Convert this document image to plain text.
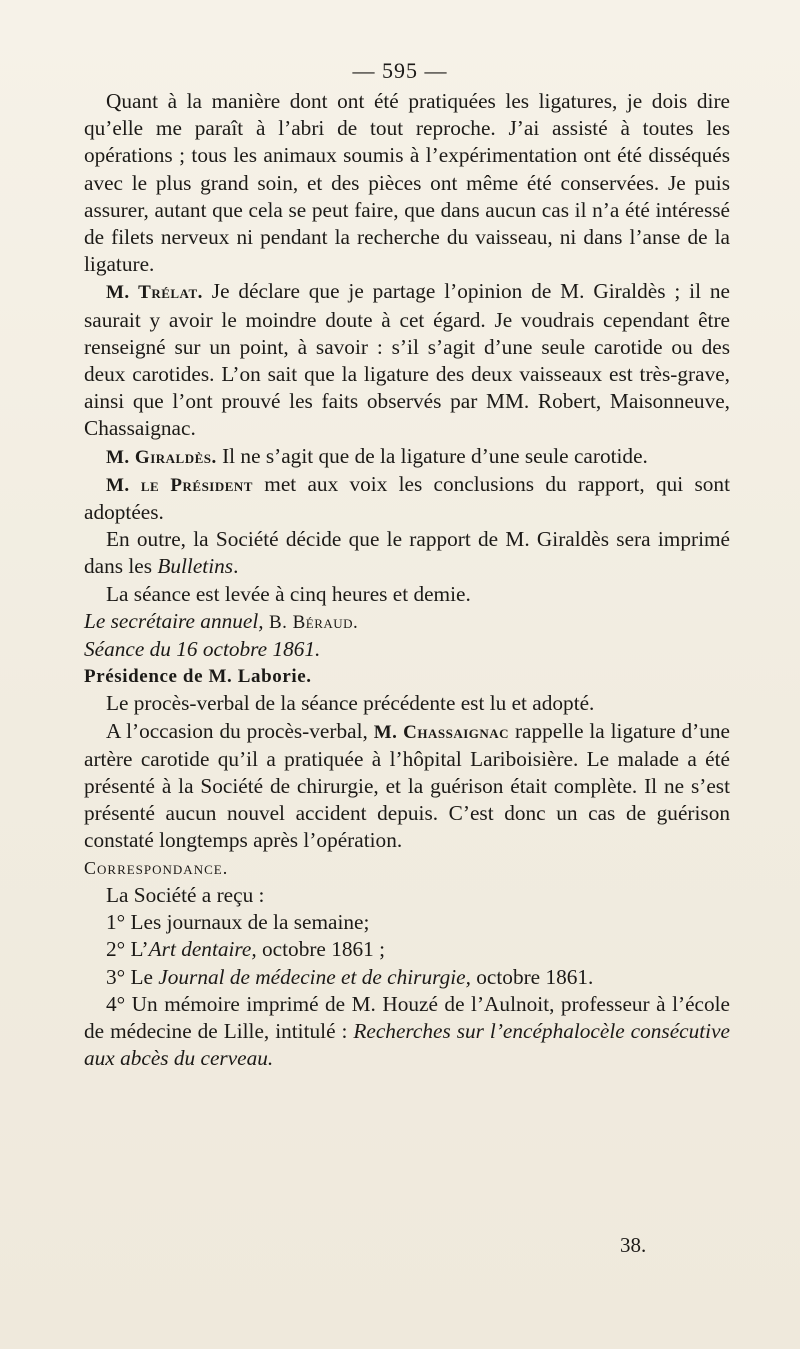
— 595 —

Quant à la manière dont ont été pratiquées les ligatures, je dois dire qu’elle me paraît à l’abri de tout reproche. J’ai assisté à toutes les opérations ; tous les animaux soumis à l’expérimentation ont été disséqués avec le plus grand soin, et des pièces ont même été conservées. Je puis assurer, autant que cela se peut faire, que dans aucun cas il n’a été intéressé de filets nerveux ni pendant la recherche du vaisseau, ni dans l’anse de la ligature.

M. Trélat. Je déclare que je partage l’opinion de M. Giraldès ; il ne saurait y avoir le moindre doute à cet égard. Je voudrais cependant être renseigné sur un point, à savoir : s’il s’agit d’une seule carotide ou des deux carotides. L’on sait que la ligature des deux vaisseaux est très-grave, ainsi que l’ont prouvé les faits observés par MM. Robert, Maisonneuve, Chassaignac.

M. Giraldès. Il ne s’agit que de la ligature d’une seule carotide.

M. le Président met aux voix les conclusions du rapport, qui sont adoptées.

En outre, la Société décide que le rapport de M. Giraldès sera imprimé dans les Bulletins.

La séance est levée à cinq heures et demie.

Le secrétaire annuel, B. Béraud.

Séance du 16 octobre 1861.

Présidence de M. Laborie.

Le procès-verbal de la séance précédente est lu et adopté.

A l’occasion du procès-verbal, M. Chassaignac rappelle la ligature d’une artère carotide qu’il a pratiquée à l’hôpital Lariboisière. Le malade a été présenté à la Société de chirurgie, et la guérison était complète. Il ne s’est présenté aucun nouvel accident depuis. C’est donc un cas de guérison constaté longtemps après l’opération.

Correspondance.

La Société a reçu :

1° Les journaux de la semaine;

2° L’Art dentaire, octobre 1861 ;

3° Le Journal de médecine et de chirurgie, octobre 1861.

4° Un mémoire imprimé de M. Houzé de l’Aulnoit, professeur à l’école de médecine de Lille, intitulé : Recherches sur l’encéphalocèle consécutive aux abcès du cerveau.

38.
